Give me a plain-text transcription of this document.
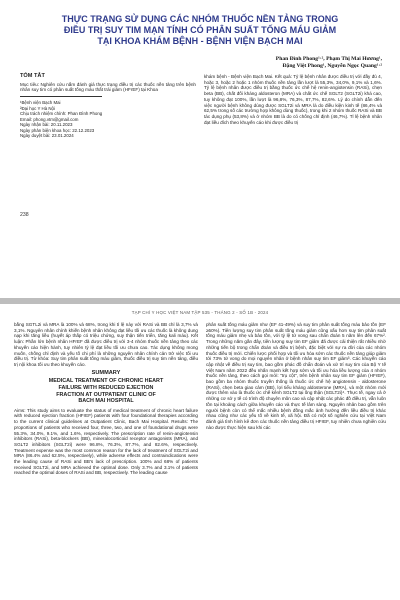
THỰC TRẠNG SỬ DỤNG CÁC NHÓM THUỐC NỀN TẢNG TRONG
ĐIỀU TRỊ SUY TIM MẠN TÍNH CÓ PHÂN SUẤT TỐNG MÁU GIẢM
TẠI KHOA KHÁM BỆNH - BỆNH VIỆN BẠCH MAI
Phan Đình Phong¹·², Phạm Thị Mai Hương¹,
Đặng Việt Phong¹, Nguyễn Ngọc Quang¹·²
TÓM TẮT

Mục tiêu: Nghiên cứu nắm đánh giá thực trạng điều trị các thuốc nền tảng trên bệnh nhân suy tim có phân suất tống máu thất trái giảm (HFrEF) tại Khoa

¹Bệnh viện Bạch Mai
²Đại học Y Hà Nội
Chịu trách nhiệm chính: Phan Đình Phong
Email: phong.vtm@gmail.com
Ngày nhận bài: 20.11.2023
Ngày phản biện khoa học: 22.12.2023
Ngày duyệt bài: 23.01.2024

khám bệnh - Bệnh viện Bạch Mai. Kết quả: Tỷ lệ bệnh nhân được điều trị với đầy đủ 4, hoặc 3, hoặc 2 hoặc 1 nhóm thuốc nền tảng lần lượt là 55,3%, 34,0%, 9,1% và 1,6%. Tỷ lệ bệnh nhân được điều trị bằng thuốc ức chế hệ renin-angiotensin (RASi), chẹn beta (BB), chất đối kháng aldosteron (MRA) và chất ức chế SGLT2 (SGLT2i) khá cao, tuy không đạt 100%, lần lượt là 96,8%, 76,3%, 87,7%, 82,6%. Lý do chính dẫn đến việc người bệnh không dùng được SGLT2i và MRA là do điều kiện kinh tế (86,4% và 62,5% trong số các trường hợp không dùng thuốc), trong khi 2 nhóm thuốc RASi và BB tác dụng phụ (53,8%) và ở nhóm BB là do có chống chỉ định (46,7%). Tỉ lệ bệnh nhân đạt liều đích theo khuyến cáo khi được điều trị

238
TẠP CHÍ Y HỌC VIỆT NAM TẬP 535 - THÁNG 2 - SỐ 1B - 2024

bằng SGTL2i và MRA là 100% và 68%, trong khi tỉ lệ này với RASi và BB chỉ là 3,7% và 3,1%. Nguyên nhân chính khiến bệnh nhân không đạt liều tối ưu các thuốc là không dung nạp khi tăng liều (huyết áp thấp có triệu chứng, suy thận tiến triển, tăng kali máu). Kết luận: Phần lớn bệnh nhân HFrEF đã được điều trị với 3-4 nhóm thuốc nền tảng theo các khuyến cáo hiện hành, tuy nhiên tỷ lệ đạt liều tối ưu chưa cao. Tác dụng không mong muốn, chống chỉ định và yếu tố chi phí là những nguyên nhân chính cản trở việc tối ưu điều trị. Từ khóa: Suy tim phân suất tống máu giảm, thuốc điều trị suy tim nền tảng, điều trị nội khoa tối ưu theo khuyến cáo.

SUMMARY
MEDICAL TREATMENT OF CHRONIC HEART
FAILURE WITH REDUCED EJECTION
FRACTION AT OUTPATIENT CLINIC OF
BACH MAI HOSPITAL

Aims: This study aims to evaluate the status of medical treatment of chronic heart failure with reduced ejection fraction (HFrEF) patients with four foundational therapies according to the current clinical guidelines at Outpatient Clinic, Bach Mai Hospital. Results: The proportions of patients who received four, three, two, and one of foundational drugs were 55.3%, 34.0%, 9.1%, and 1.6%, respectively. The prescription rate of renin-angiotensin inhibitors (RASi), beta-blockers (BB), mineralocorticoid receptor antagonists (MRA), and SGLT2 inhibitors (SGLT2i) were 96.8%, 76.3%, 87.7%, and 82.6%, respectively. Treatment expense was the most common reason for the lack of treatment of SGLT2i and MRA (86.4% and 62.5%, respectively), while adverse effects and contraindications were the leading cause of RASi and BB's lack of prescription. 100% and 68% of patients received SGLT2i, and MRA achieved the optimal dose. Only 3.7% and 3.1% of patients reached the optimal doses of RASi and BB, respectively. The leading cause

phân suất tống máu giảm như (EF 41-49%) và suy tim phân suất tống máu bảo tồn (EF ≥50%). Tiên lượng suy tim phân suất tống máu giảm cũng xấu hơn suy tim phân suất tống máu giảm nhẹ và bảo tồn, với tỷ lệ tử vong sau chẩn đoán 5 năm lên đến 67%². Trong những năm gần đây, tiên lượng suy tim EF giảm đã được cải thiện rất nhiều nhờ những tiến bộ trong chẩn đoán và điều trị bệnh, đặc biệt với sự ra đời của các nhóm thuốc điều trị mới. Chiến lược phối hợp và tối ưu hóa sớm các thuốc nền tảng giúp giảm tới 73% tử vong do mọi nguyên nhân ở bệnh nhân suy tim EF giảm³. Các khuyến cáo cập nhật về điều trị suy tim, bao gồm phác đồ chẩn đoán và xử trí suy tim của Bộ Y tế Việt Nam năm 2022 đều nhấn mạnh kết hợp sớm và tối ưu hóa liều lượng của 4 nhóm thuốc nền tảng, theo cách gọi mới: "trụ cột", trên bệnh nhân suy tim EF giảm (HFrEF), bao gồm ba nhóm thuốc truyền thống là thuốc ức chế hệ angiotensin - aldosterone (RASi), chẹn beta giao cảm (BB), lợi tiểu kháng aldosterone (MRA), và một nhóm mới được thêm vào là thuốc ức chế kênh SGLT2 tại ống thận (SGLT2i)⁴. Thực tế, ngay cả ở những cơ sở y tế có trình độ chuyên môn cao và cập nhật các phác đồ điều trị, vẫn luôn tồn tại khoảng cách giữa khuyến cáo và thực tế lâm sàng. Nguyên nhân bao gồm trên người bệnh còn có thể mắc nhiều bệnh đồng mắc ảnh hưởng đến liều điều trị khác nhau cũng như các yếu tố về kinh tế, xã hội. Đã có một số nghiên cứu tại Việt Nam đánh giá tình hình kê đơn các thuốc nền tảng điều trị HFrEF, tuy nhiên chưa nghiên cứu nào được thực hiện sau khi các
